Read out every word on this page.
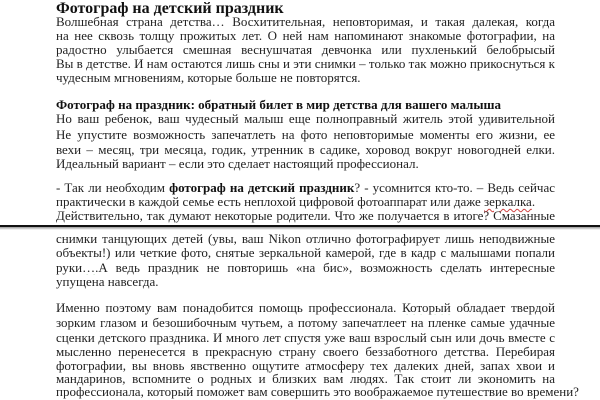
Фотограф на детский праздник
Волшебная страна детства… Восхитительная, неповторимая, и такая далекая, когда
на нее сквозь толщу прожитых лет. О ней нам напоминают знакомые фотографии, на
радостно улыбается смешная веснушчатая девчонка или пухленький белобрысый
Вы в детстве. И нам остаются лишь сны и эти снимки – только так можно прикоснуться к
чудесным мгновениям, которые больше не повторятся.
Фотограф на праздник: обратный билет в мир детства для вашего малыша
Но ваш ребенок, ваш чудесный малыш еще полноправный житель этой удивительной
Не упустите возможность запечатлеть на фото неповторимые моменты его жизни, ее
вехи – месяц, три месяца, годик, утренник в садике, хоровод вокруг новогодней елки.
Идеальный вариант – если это сделает настоящий профессионал.
- Так ли необходим фотограф на детский праздник? - усомнится кто-то. – Ведь сейчас
практически в каждой семье есть неплохой цифровой фотоаппарат или даже зеркалка.
Действительно, так думают некоторые родители. Что же получается в итоге? Смазанные
снимки танцующих детей (увы, ваш Nikon отлично фотографирует лишь неподвижные
объекты!) или четкие фото, снятые зеркальной камерой, где в кадр с малышами попали
руки….А ведь праздник не повторишь «на бис», возможность сделать интересные
упущена навсегда.
Именно поэтому вам понадобится помощь профессионала. Который обладает твердой
зорким глазом и безошибочным чутьем, а потому запечатлеет на пленке самые удачные
сценки детского праздника. И много лет спустя уже ваш взрослый сын или дочь вместе с
мысленно перенесется в прекрасную страну своего беззаботного детства. Перебирая
фотографии, вы вновь явственно ощутите атмосферу тех далеких дней, запах хвои и
мандаринов, вспомните о родных и близких вам людях. Так стоит ли экономить на
профессионала, который поможет вам совершить это воображаемое путешествие во времени?
